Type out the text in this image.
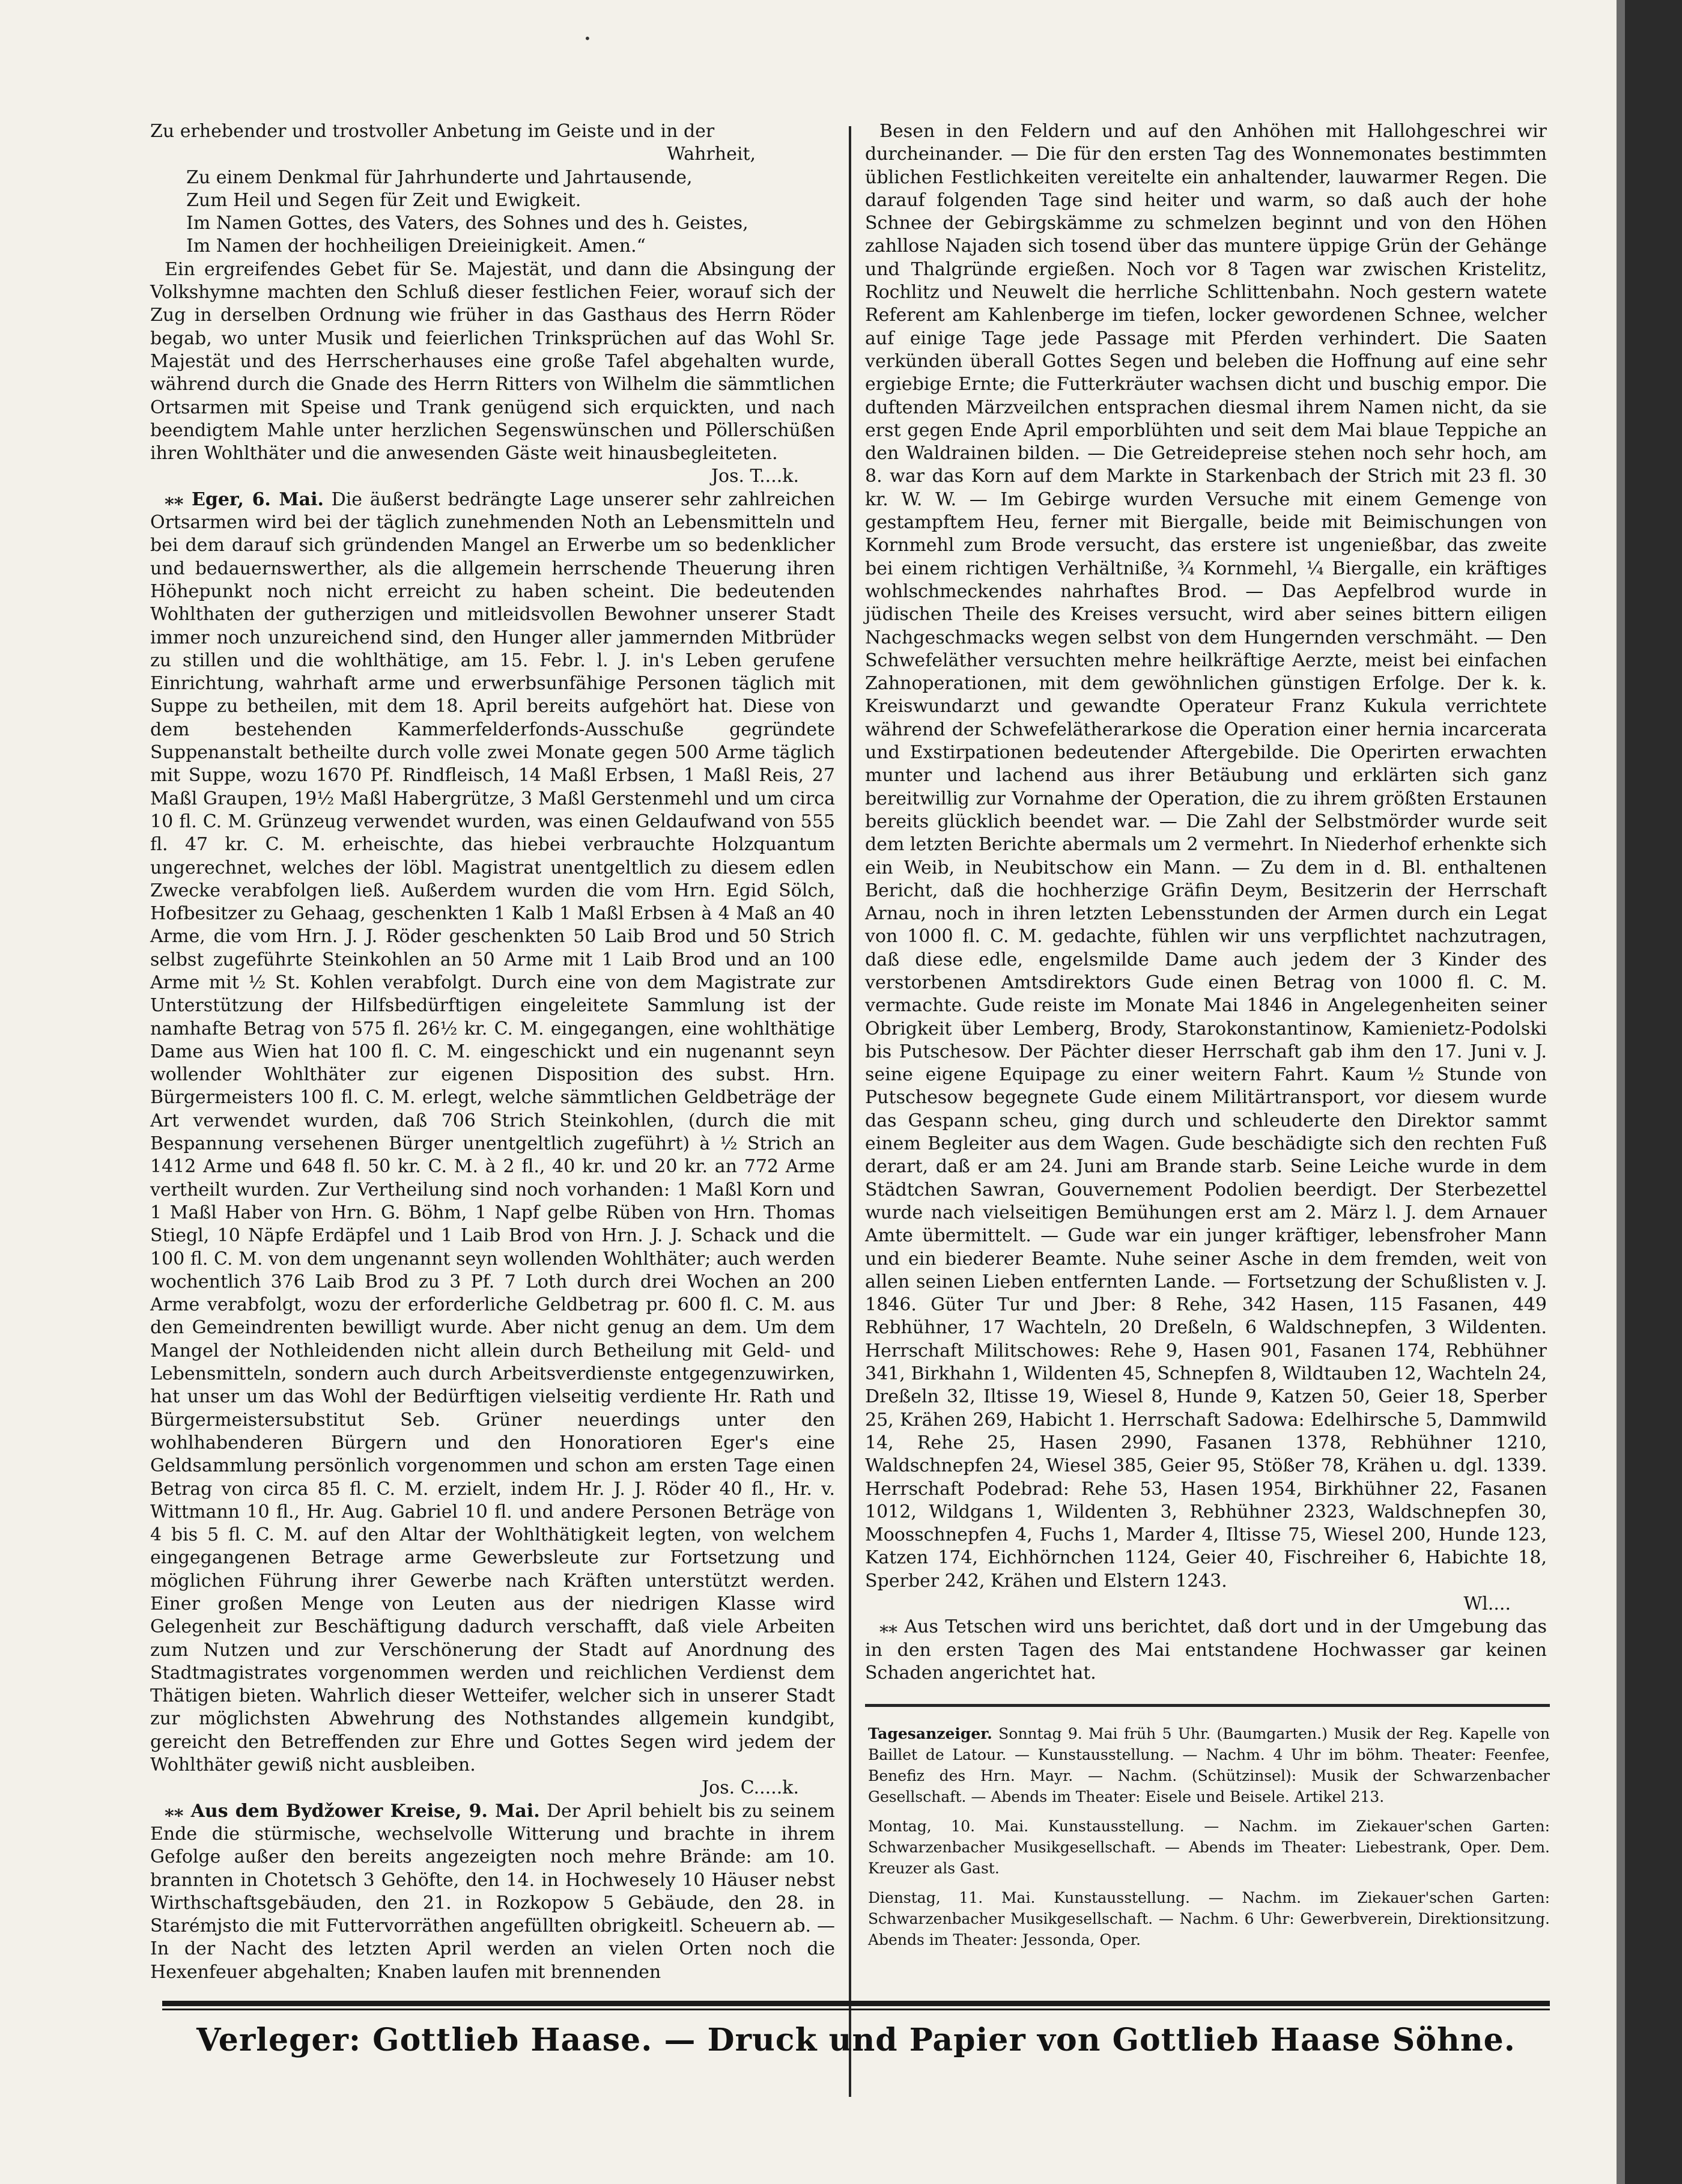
•
Zu erhebender und trostvoller Anbetung im Geiste und in der
Wahrheit,
Zu einem Denkmal für Jahrhunderte und Jahrtausende,
Zum Heil und Segen für Zeit und Ewigkeit.
Im Namen Gottes, des Vaters, des Sohnes und des h. Geistes,
Im Namen der hochheiligen Dreieinigkeit. Amen.“

Ein ergreifendes Gebet für Se. Majestät, und dann die Absingung der Volkshymne machten den Schluß dieser festlichen Feier, worauf sich der Zug in derselben Ordnung wie früher in das Gasthaus des Herrn Röder begab, wo unter Musik und feierlichen Trinksprüchen auf das Wohl Sr. Majestät und des Herrscherhauses eine große Tafel abgehalten wurde, während durch die Gnade des Herrn Ritters von Wilhelm die sämmtlichen Ortsarmen mit Speise und Trank genügend sich erquickten, und nach beendigtem Mahle unter herzlichen Segenswünschen und Pöllerschüßen ihren Wohlthäter und die anwesenden Gäste weit hinausbegleiteten.

Jos. T....k.

⁎⁎ Eger, 6. Mai. Die äußerst bedrängte Lage unserer sehr zahlreichen Ortsarmen wird bei der täglich zunehmenden Noth an Lebensmitteln und bei dem darauf sich gründenden Mangel an Erwerbe um so bedenklicher und bedauernswerther, als die allgemein herrschende Theuerung ihren Höhepunkt noch nicht erreicht zu haben scheint. Die bedeutenden Wohlthaten der gutherzigen und mitleidsvollen Bewohner unserer Stadt immer noch unzureichend sind, den Hunger aller jammernden Mitbrüder zu stillen und die wohlthätige, am 15. Febr. l. J. in's Leben gerufene Einrichtung, wahrhaft arme und erwerbsunfähige Personen täglich mit Suppe zu betheilen, mit dem 18. April bereits aufgehört hat. Diese von dem bestehenden Kammerfelderfonds-Ausschuße gegründete Suppenanstalt betheilte durch volle zwei Monate gegen 500 Arme täglich mit Suppe, wozu 1670 Pf. Rindfleisch, 14 Maßl Erbsen, 1 Maßl Reis, 27 Maßl Graupen, 19½ Maßl Habergrütze, 3 Maßl Gerstenmehl und um circa 10 fl. C. M. Grünzeug verwendet wurden, was einen Geldaufwand von 555 fl. 47 kr. C. M. erheischte, das hiebei verbrauchte Holzquantum ungerechnet, welches der löbl. Magistrat unentgeltlich zu diesem edlen Zwecke verabfolgen ließ. Außerdem wurden die vom Hrn. Egid Sölch, Hofbesitzer zu Gehaag, geschenkten 1 Kalb 1 Maßl Erbsen à 4 Maß an 40 Arme, die vom Hrn. J. J. Röder geschenkten 50 Laib Brod und 50 Strich selbst zugeführte Steinkohlen an 50 Arme mit 1 Laib Brod und an 100 Arme mit ½ St. Kohlen verabfolgt. Durch eine von dem Magistrate zur Unterstützung der Hilfsbedürftigen eingeleitete Sammlung ist der namhafte Betrag von 575 fl. 26½ kr. C. M. eingegangen, eine wohlthätige Dame aus Wien hat 100 fl. C. M. eingeschickt und ein nugenannt seyn wollender Wohlthäter zur eigenen Disposition des subst. Hrn. Bürgermeisters 100 fl. C. M. erlegt, welche sämmtlichen Geldbeträge der Art verwendet wurden, daß 706 Strich Steinkohlen, (durch die mit Bespannung versehenen Bürger unentgeltlich zugeführt) à ½ Strich an 1412 Arme und 648 fl. 50 kr. C. M. à 2 fl., 40 kr. und 20 kr. an 772 Arme vertheilt wurden. Zur Vertheilung sind noch vorhanden: 1 Maßl Korn und 1 Maßl Haber von Hrn. G. Böhm, 1 Napf gelbe Rüben von Hrn. Thomas Stiegl, 10 Näpfe Erdäpfel und 1 Laib Brod von Hrn. J. J. Schack und die 100 fl. C. M. von dem ungenannt seyn wollenden Wohlthäter; auch werden wochentlich 376 Laib Brod zu 3 Pf. 7 Loth durch drei Wochen an 200 Arme verabfolgt, wozu der erforderliche Geldbetrag pr. 600 fl. C. M. aus den Gemeindrenten bewilligt wurde. Aber nicht genug an dem. Um dem Mangel der Nothleidenden nicht allein durch Betheilung mit Geld- und Lebensmitteln, sondern auch durch Arbeitsverdienste entgegenzuwirken, hat unser um das Wohl der Bedürftigen vielseitig verdiente Hr. Rath und Bürgermeistersubstitut Seb. Grüner neuerdings unter den wohlhabenderen Bürgern und den Honoratioren Eger's eine Geldsammlung persönlich vorgenommen und schon am ersten Tage einen Betrag von circa 85 fl. C. M. erzielt, indem Hr. J. J. Röder 40 fl., Hr. v. Wittmann 10 fl., Hr. Aug. Gabriel 10 fl. und andere Personen Beträge von 4 bis 5 fl. C. M. auf den Altar der Wohlthätigkeit legten, von welchem eingegangenen Betrage arme Gewerbsleute zur Fortsetzung und möglichen Führung ihrer Gewerbe nach Kräften unterstützt werden. Einer großen Menge von Leuten aus der niedrigen Klasse wird Gelegenheit zur Beschäftigung dadurch verschafft, daß viele Arbeiten zum Nutzen und zur Verschönerung der Stadt auf Anordnung des Stadtmagistrates vorgenommen werden und reichlichen Verdienst dem Thätigen bieten. Wahrlich dieser Wetteifer, welcher sich in unserer Stadt zur möglichsten Abwehrung des Nothstandes allgemein kundgibt, gereicht den Betreffenden zur Ehre und Gottes Segen wird jedem der Wohlthäter gewiß nicht ausbleiben.

Jos. C.....k.

⁎⁎ Aus dem Bydžower Kreise, 9. Mai. Der April behielt bis zu seinem Ende die stürmische, wechselvolle Witterung und brachte in ihrem Gefolge außer den bereits angezeigten noch mehre Brände: am 10. brannten in Chotetsch 3 Gehöfte, den 14. in Hochwesely 10 Häuser nebst Wirthschaftsgebäuden, den 21. in Rozkopow 5 Gebäude, den 28. in Starémjsto die mit Futtervorräthen angefüllten obrigkeitl. Scheuern ab. — In der Nacht des letzten April werden an vielen Orten noch die Hexenfeuer abgehalten; Knaben laufen mit brennenden

Besen in den Feldern und auf den Anhöhen mit Hallohgeschrei wir durcheinander. — Die für den ersten Tag des Wonnemonates bestimmten üblichen Festlichkeiten vereitelte ein anhaltender, lauwarmer Regen. Die darauf folgenden Tage sind heiter und warm, so daß auch der hohe Schnee der Gebirgskämme zu schmelzen beginnt und von den Höhen zahllose Najaden sich tosend über das muntere üppige Grün der Gehänge und Thalgründe ergießen. Noch vor 8 Tagen war zwischen Kristelitz, Rochlitz und Neuwelt die herrliche Schlittenbahn. Noch gestern watete Referent am Kahlenberge im tiefen, locker gewordenen Schnee, welcher auf einige Tage jede Passage mit Pferden verhindert. Die Saaten verkünden überall Gottes Segen und beleben die Hoffnung auf eine sehr ergiebige Ernte; die Futterkräuter wachsen dicht und buschig empor. Die duftenden Märzveilchen entsprachen diesmal ihrem Namen nicht, da sie erst gegen Ende April emporblühten und seit dem Mai blaue Teppiche an den Waldrainen bilden. — Die Getreidepreise stehen noch sehr hoch, am 8. war das Korn auf dem Markte in Starkenbach der Strich mit 23 fl. 30 kr. W. W. — Im Gebirge wurden Versuche mit einem Gemenge von gestampftem Heu, ferner mit Biergalle, beide mit Beimischungen von Kornmehl zum Brode versucht, das erstere ist ungenießbar, das zweite bei einem richtigen Verhältniße, ¾ Kornmehl, ¼ Biergalle, ein kräftiges wohlschmeckendes nahrhaftes Brod. — Das Aepfelbrod wurde in jüdischen Theile des Kreises versucht, wird aber seines bittern eiligen Nachgeschmacks wegen selbst von dem Hungernden verschmäht. — Den Schwefeläther versuchten mehre heilkräftige Aerzte, meist bei einfachen Zahnoperationen, mit dem gewöhnlichen günstigen Erfolge. Der k. k. Kreiswundarzt und gewandte Operateur Franz Kukula verrichtete während der Schwefelätherarkose die Operation einer hernia incarcerata und Exstirpationen bedeutender Aftergebilde. Die Operirten erwachten munter und lachend aus ihrer Betäubung und erklärten sich ganz bereitwillig zur Vornahme der Operation, die zu ihrem größten Erstaunen bereits glücklich beendet war. — Die Zahl der Selbstmörder wurde seit dem letzten Berichte abermals um 2 vermehrt. In Niederhof erhenkte sich ein Weib, in Neubitschow ein Mann. — Zu dem in d. Bl. enthaltenen Bericht, daß die hochherzige Gräfin Deym, Besitzerin der Herrschaft Arnau, noch in ihren letzten Lebensstunden der Armen durch ein Legat von 1000 fl. C. M. gedachte, fühlen wir uns verpflichtet nachzutragen, daß diese edle, engelsmilde Dame auch jedem der 3 Kinder des verstorbenen Amtsdirektors Gude einen Betrag von 1000 fl. C. M. vermachte. Gude reiste im Monate Mai 1846 in Angelegenheiten seiner Obrigkeit über Lemberg, Brody, Starokonstantinow, Kamienietz-Podolski bis Putschesow. Der Pächter dieser Herrschaft gab ihm den 17. Juni v. J. seine eigene Equipage zu einer weitern Fahrt. Kaum ½ Stunde von Putschesow begegnete Gude einem Militärtransport, vor diesem wurde das Gespann scheu, ging durch und schleuderte den Direktor sammt einem Begleiter aus dem Wagen. Gude beschädigte sich den rechten Fuß derart, daß er am 24. Juni am Brande starb. Seine Leiche wurde in dem Städtchen Sawran, Gouvernement Podolien beerdigt. Der Sterbezettel wurde nach vielseitigen Bemühungen erst am 2. März l. J. dem Arnauer Amte übermittelt. — Gude war ein junger kräftiger, lebensfroher Mann und ein biederer Beamte. Nuhe seiner Asche in dem fremden, weit von allen seinen Lieben entfernten Lande. — Fortsetzung der Schußlisten v. J. 1846. Güter Tur und Jber: 8 Rehe, 342 Hasen, 115 Fasanen, 449 Rebhühner, 17 Wachteln, 20 Dreßeln, 6 Waldschnepfen, 3 Wildenten. Herrschaft Militschowes: Rehe 9, Hasen 901, Fasanen 174, Rebhühner 341, Birkhahn 1, Wildenten 45, Schnepfen 8, Wildtauben 12, Wachteln 24, Dreßeln 32, Iltisse 19, Wiesel 8, Hunde 9, Katzen 50, Geier 18, Sperber 25, Krähen 269, Habicht 1. Herrschaft Sadowa: Edelhirsche 5, Dammwild 14, Rehe 25, Hasen 2990, Fasanen 1378, Rebhühner 1210, Waldschnepfen 24, Wiesel 385, Geier 95, Stößer 78, Krähen u. dgl. 1339. Herrschaft Podebrad: Rehe 53, Hasen 1954, Birkhühner 22, Fasanen 1012, Wildgans 1, Wildenten 3, Rebhühner 2323, Waldschnepfen 30, Moosschnepfen 4, Fuchs 1, Marder 4, Iltisse 75, Wiesel 200, Hunde 123, Katzen 174, Eichhörnchen 1124, Geier 40, Fischreiher 6, Habichte 18, Sperber 242, Krähen und Elstern 1243.

Wl....

⁎⁎ Aus Tetschen wird uns berichtet, daß dort und in der Umgebung das in den ersten Tagen des Mai entstandene Hochwasser gar keinen Schaden angerichtet hat.

Tagesanzeiger. Sonntag 9. Mai früh 5 Uhr. (Baumgarten.) Musik der Reg. Kapelle von Baillet de Latour. — Kunstausstellung. — Nachm. 4 Uhr im böhm. Theater: Feenfee, Benefiz des Hrn. Mayr. — Nachm. (Schützinsel): Musik der Schwarzenbacher Gesellschaft. — Abends im Theater: Eisele und Beisele. Artikel 213.

Montag, 10. Mai. Kunstausstellung. — Nachm. im Ziekauer'schen Garten: Schwarzenbacher Musikgesellschaft. — Abends im Theater: Liebestrank, Oper. Dem. Kreuzer als Gast.

Dienstag, 11. Mai. Kunstausstellung. — Nachm. im Ziekauer'schen Garten: Schwarzenbacher Musikgesellschaft. — Nachm. 6 Uhr: Gewerbverein, Direktionsitzung. Abends im Theater: Jessonda, Oper.

Verleger: Gottlieb Haase. — Druck und Papier von Gottlieb Haase Söhne.
